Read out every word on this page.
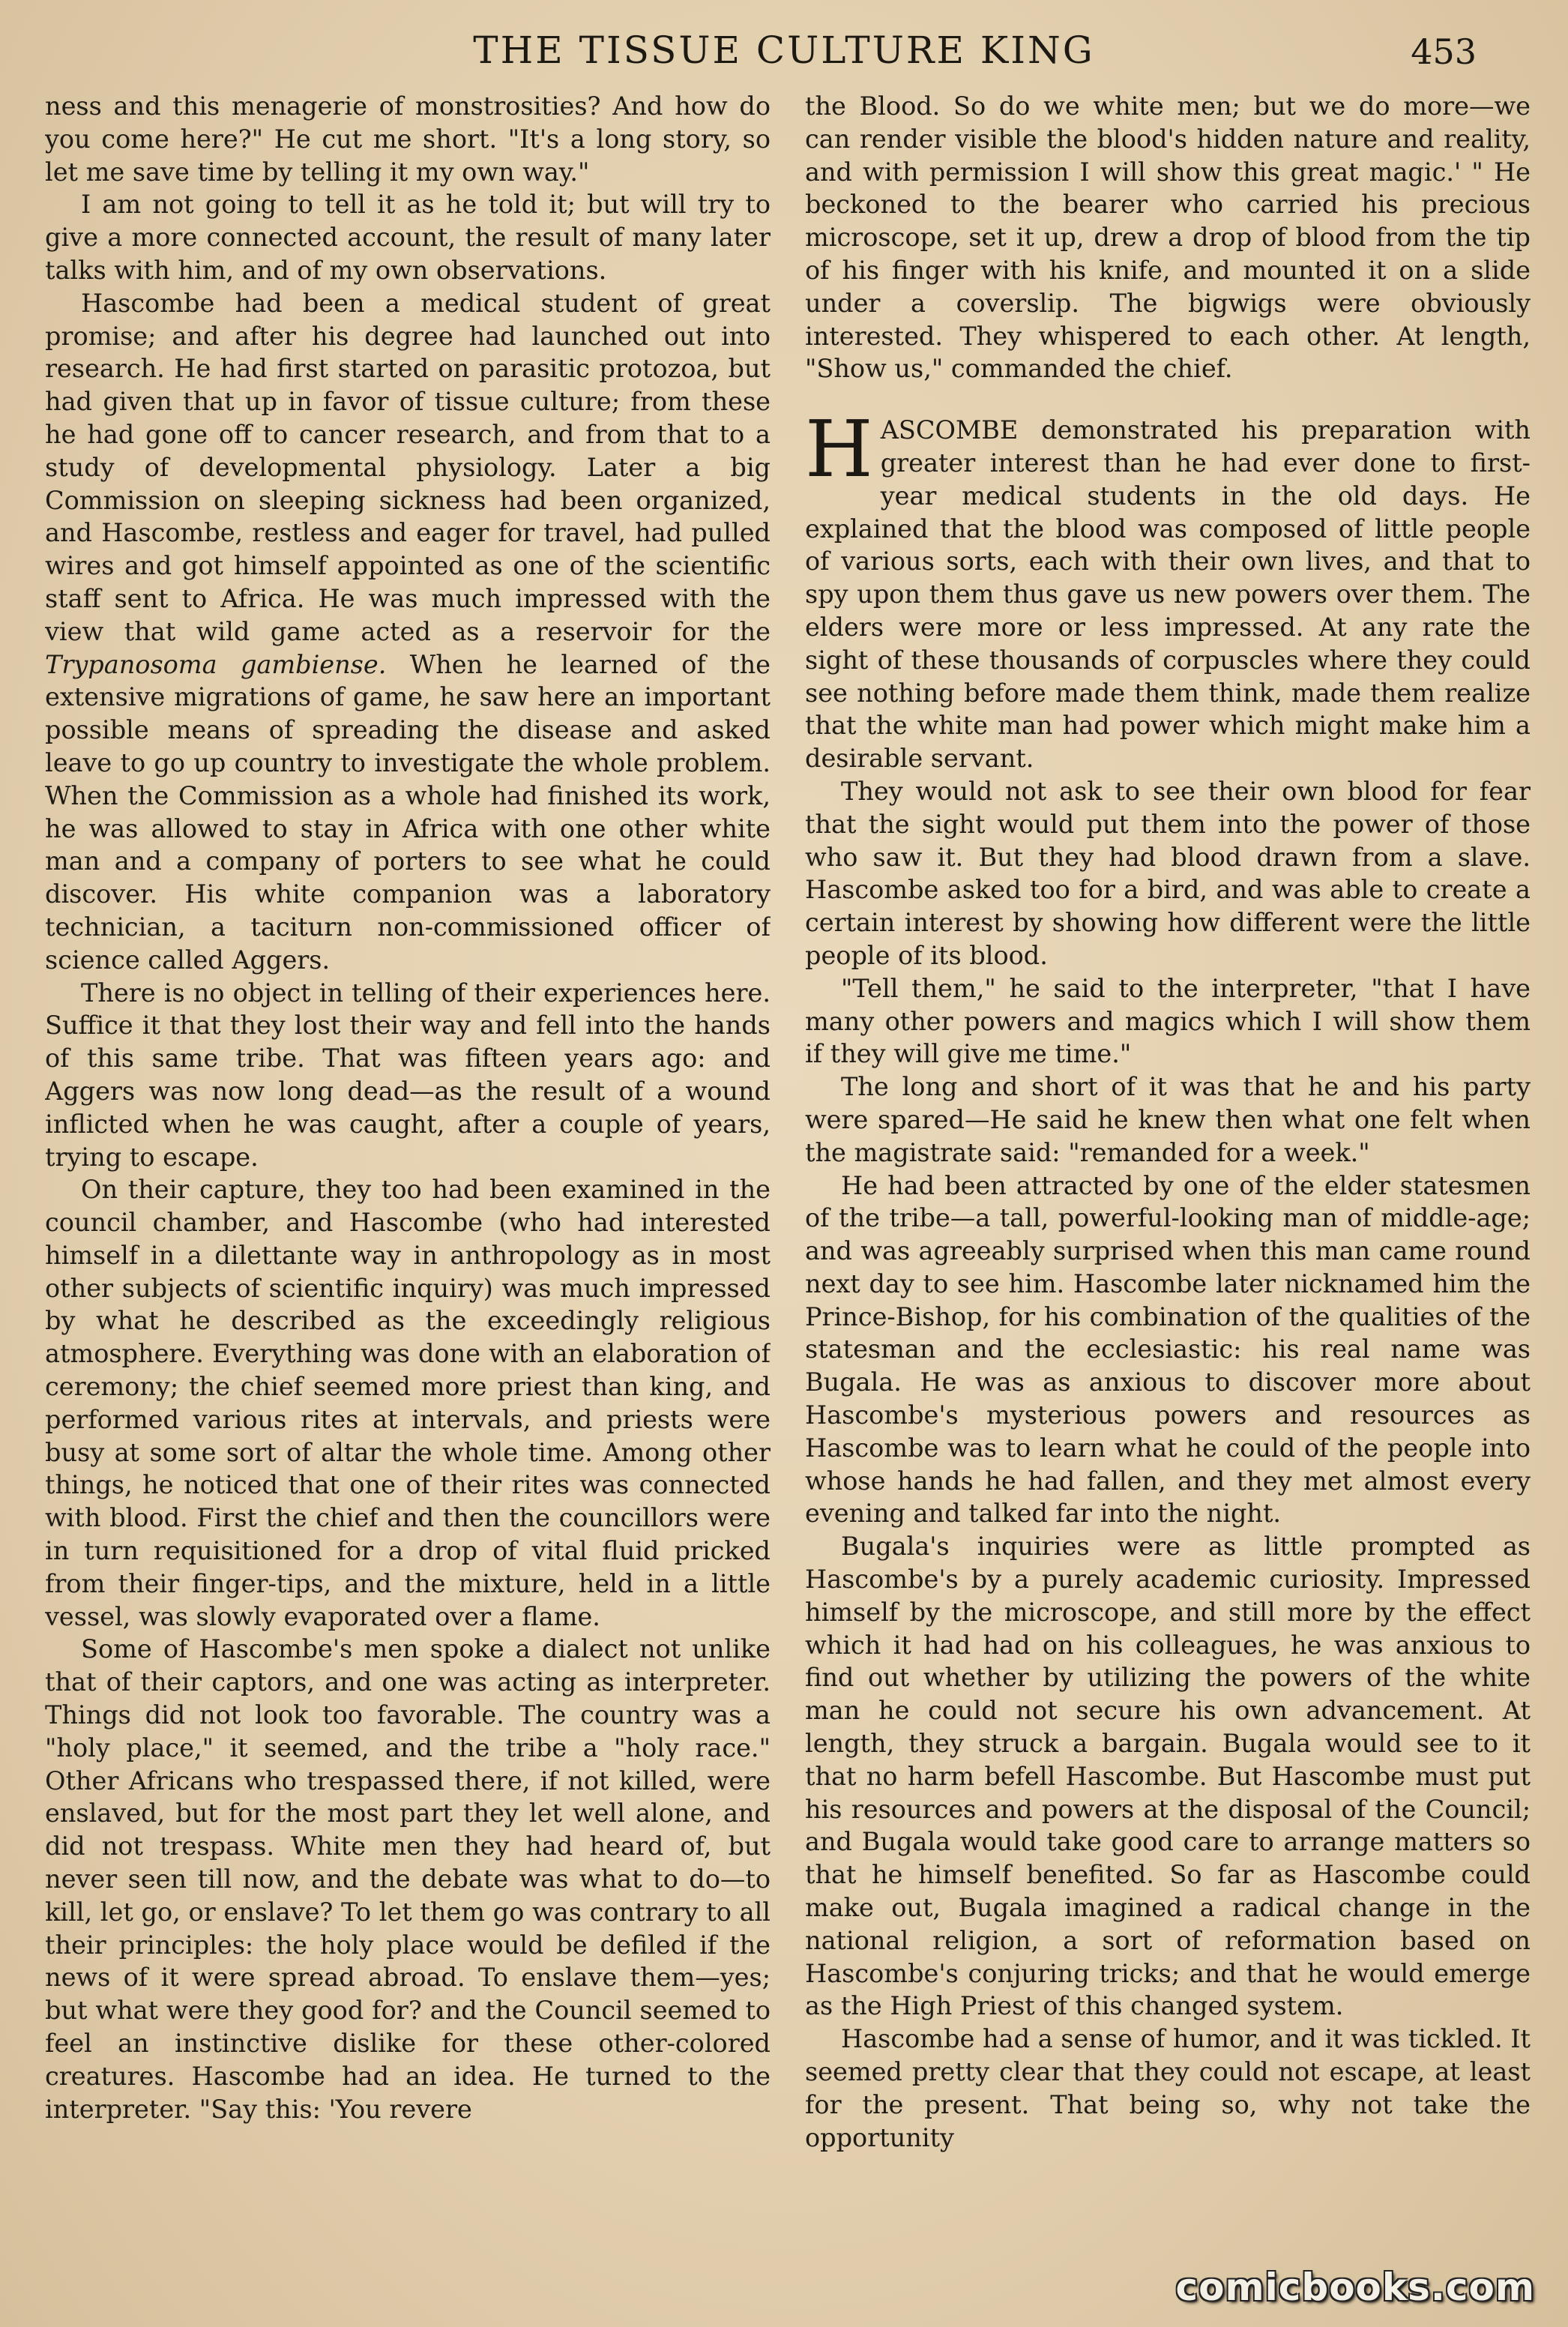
THE TISSUE CULTURE KING	453

ness and this menagerie of monstrosities? And how do you come here?" He cut me short. "It's a long story, so let me save time by telling it my own way."

I am not going to tell it as he told it; but will try to give a more connected account, the result of many later talks with him, and of my own observations.

Hascombe had been a medical student of great promise; and after his degree had launched out into research. He had first started on parasitic protozoa, but had given that up in favor of tissue culture; from these he had gone off to cancer research, and from that to a study of developmental physiology. Later a big Commission on sleeping sickness had been organized, and Hascombe, restless and eager for travel, had pulled wires and got himself appointed as one of the scientific staff sent to Africa. He was much impressed with the view that wild game acted as a reservoir for the Trypanosoma gambiense. When he learned of the extensive migrations of game, he saw here an important possible means of spreading the disease and asked leave to go up country to investigate the whole problem. When the Commission as a whole had finished its work, he was allowed to stay in Africa with one other white man and a company of porters to see what he could discover. His white companion was a laboratory technician, a taciturn non-commissioned officer of science called Aggers.

There is no object in telling of their experiences here. Suffice it that they lost their way and fell into the hands of this same tribe. That was fifteen years ago: and Aggers was now long dead—as the result of a wound inflicted when he was caught, after a couple of years, trying to escape.

On their capture, they too had been examined in the council chamber, and Hascombe (who had interested himself in a dilettante way in anthropology as in most other subjects of scientific inquiry) was much impressed by what he described as the exceedingly religious atmosphere. Everything was done with an elaboration of ceremony; the chief seemed more priest than king, and performed various rites at intervals, and priests were busy at some sort of altar the whole time. Among other things, he noticed that one of their rites was connected with blood. First the chief and then the councillors were in turn requisitioned for a drop of vital fluid pricked from their finger-tips, and the mixture, held in a little vessel, was slowly evaporated over a flame.

Some of Hascombe's men spoke a dialect not unlike that of their captors, and one was acting as interpreter. Things did not look too favorable. The country was a "holy place," it seemed, and the tribe a "holy race." Other Africans who trespassed there, if not killed, were enslaved, but for the most part they let well alone, and did not trespass. White men they had heard of, but never seen till now, and the debate was what to do—to kill, let go, or enslave? To let them go was contrary to all their principles: the holy place would be defiled if the news of it were spread abroad. To enslave them—yes; but what were they good for? and the Council seemed to feel an instinctive dislike for these other-colored creatures. Hascombe had an idea. He turned to the interpreter. "Say this: 'You revere

the Blood. So do we white men; but we do more—we can render visible the blood's hidden nature and reality, and with permission I will show this great magic.' " He beckoned to the bearer who carried his precious microscope, set it up, drew a drop of blood from the tip of his finger with his knife, and mounted it on a slide under a coverslip. The bigwigs were obviously interested. They whispered to each other. At length, "Show us," commanded the chief.

HASCOMBE demonstrated his preparation with greater interest than he had ever done to first-year medical students in the old days. He explained that the blood was composed of little people of various sorts, each with their own lives, and that to spy upon them thus gave us new powers over them. The elders were more or less impressed. At any rate the sight of these thousands of corpuscles where they could see nothing before made them think, made them realize that the white man had power which might make him a desirable servant.

They would not ask to see their own blood for fear that the sight would put them into the power of those who saw it. But they had blood drawn from a slave. Hascombe asked too for a bird, and was able to create a certain interest by showing how different were the little people of its blood.

"Tell them," he said to the interpreter, "that I have many other powers and magics which I will show them if they will give me time."

The long and short of it was that he and his party were spared—He said he knew then what one felt when the magistrate said: "remanded for a week."

He had been attracted by one of the elder statesmen of the tribe—a tall, powerful-looking man of middle-age; and was agreeably surprised when this man came round next day to see him. Hascombe later nicknamed him the Prince-Bishop, for his combination of the qualities of the statesman and the ecclesiastic: his real name was Bugala. He was as anxious to discover more about Hascombe's mysterious powers and resources as Hascombe was to learn what he could of the people into whose hands he had fallen, and they met almost every evening and talked far into the night.

Bugala's inquiries were as little prompted as Hascombe's by a purely academic curiosity. Impressed himself by the microscope, and still more by the effect which it had had on his colleagues, he was anxious to find out whether by utilizing the powers of the white man he could not secure his own advancement. At length, they struck a bargain. Bugala would see to it that no harm befell Hascombe. But Hascombe must put his resources and powers at the disposal of the Council; and Bugala would take good care to arrange matters so that he himself benefited. So far as Hascombe could make out, Bugala imagined a radical change in the national religion, a sort of reformation based on Hascombe's conjuring tricks; and that he would emerge as the High Priest of this changed system.

Hascombe had a sense of humor, and it was tickled. It seemed pretty clear that they could not escape, at least for the present. That being so, why not take the opportunity

comicbooks.com
